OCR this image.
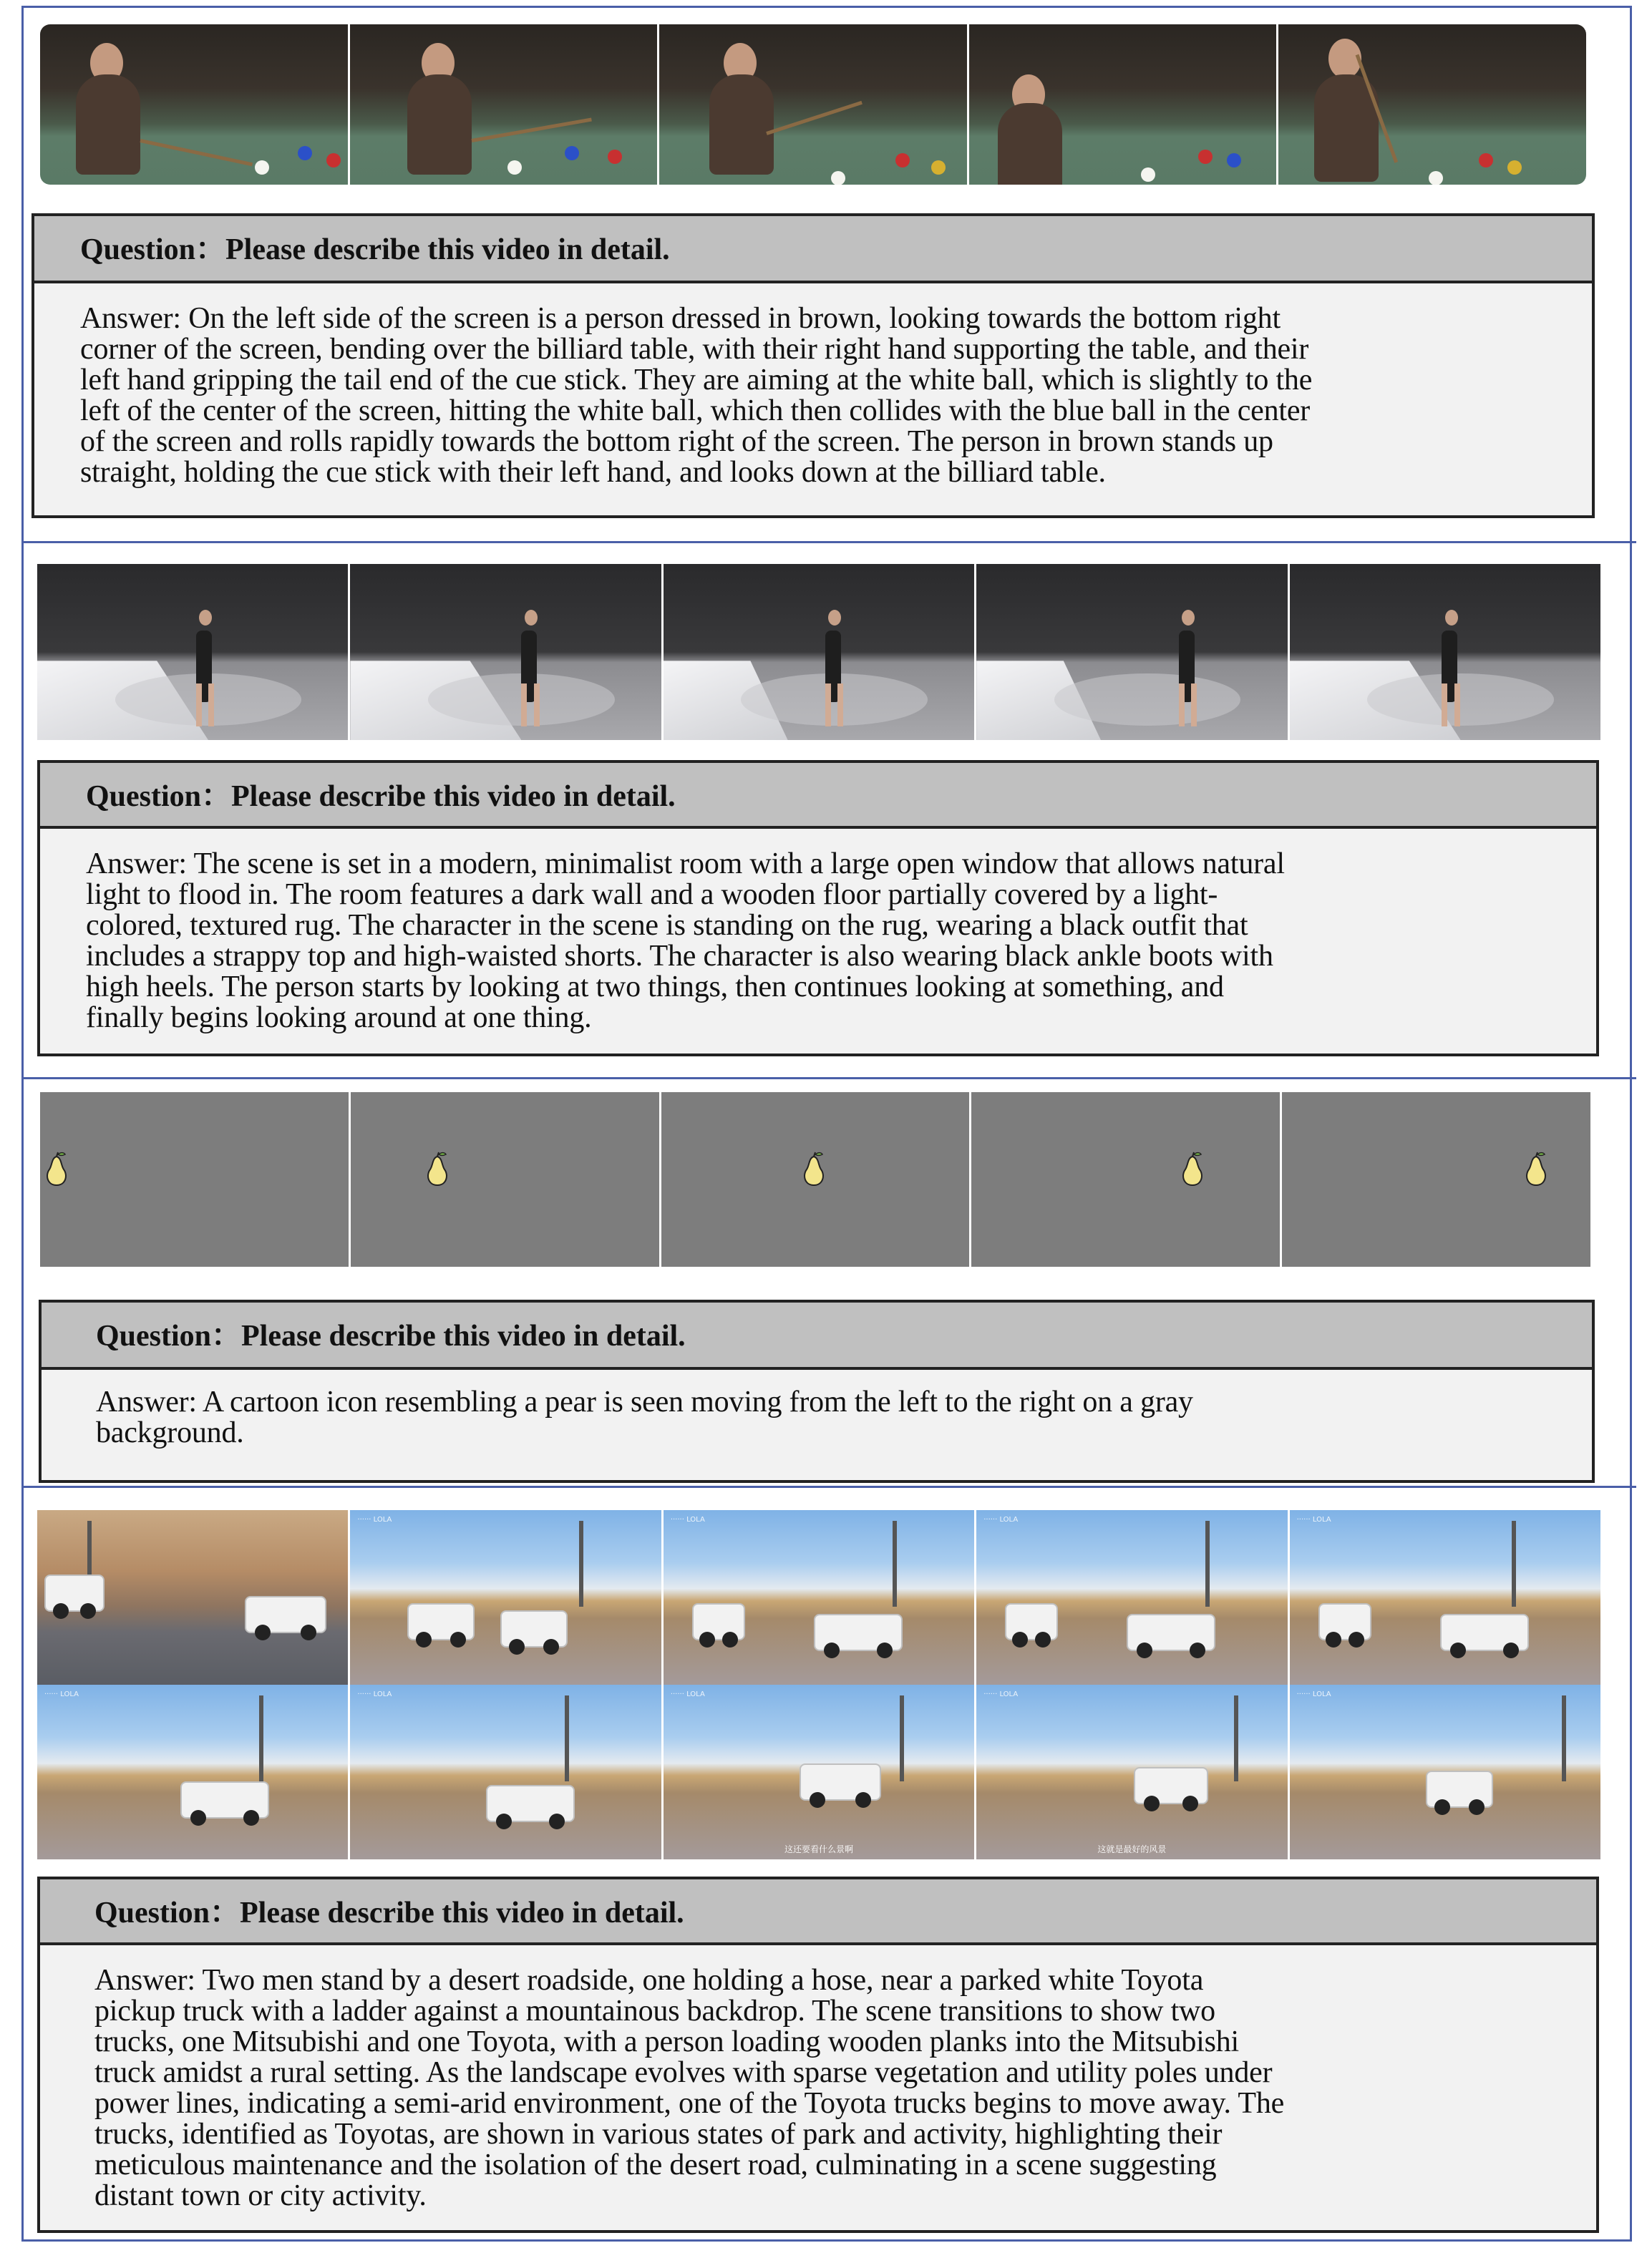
Question：Please describe this video in detail.
Answer: On the left side of the screen is a person dressed in brown, looking towards the bottom right
corner of the screen, bending over the billiard table, with their right hand supporting the table, and their
left hand gripping the tail end of the cue stick. They are aiming at the white ball, which is slightly to the
left of the center of the screen, hitting the white ball, which then collides with the blue ball in the center
of the screen and rolls rapidly towards the bottom right of the screen. The person in brown stands up
straight, holding the cue stick with their left hand, and looks down at the billiard table.
Question：Please describe this video in detail.
Answer: The scene is set in a modern, minimalist room with a large open window that allows natural
light to flood in. The room features a dark wall and a wooden floor partially covered by a light-
colored, textured rug. The character in the scene is standing on the rug, wearing a black outfit that
includes a strappy top and high-waisted shorts. The character is also wearing black ankle boots with
high heels. The person starts by looking at two things, then continues looking at something, and
finally begins looking around at one thing.
Question：Please describe this video in detail.
Answer: A cartoon icon resembling a pear is seen moving from the left to the right on a gray
background.
······ LOLA	······ LOLA	······ LOLA	······ LOLA
······ LOLA	······ LOLA	······ LOLA
这还要看什么景啊
······ LOLA
这就是最好的风景
······ LOLA
Question：Please describe this video in detail.
Answer: Two men stand by a desert roadside, one holding a hose, near a parked white Toyota
pickup truck with a ladder against a mountainous backdrop. The scene transitions to show two
trucks, one Mitsubishi and one Toyota, with a person loading wooden planks into the Mitsubishi
truck amidst a rural setting. As the landscape evolves with sparse vegetation and utility poles under
power lines, indicating a semi-arid environment, one of the Toyota trucks begins to move away. The
trucks, identified as Toyotas, are shown in various states of park and activity, highlighting their
meticulous maintenance and the isolation of the desert road, culminating in a scene suggesting
distant town or city activity.
